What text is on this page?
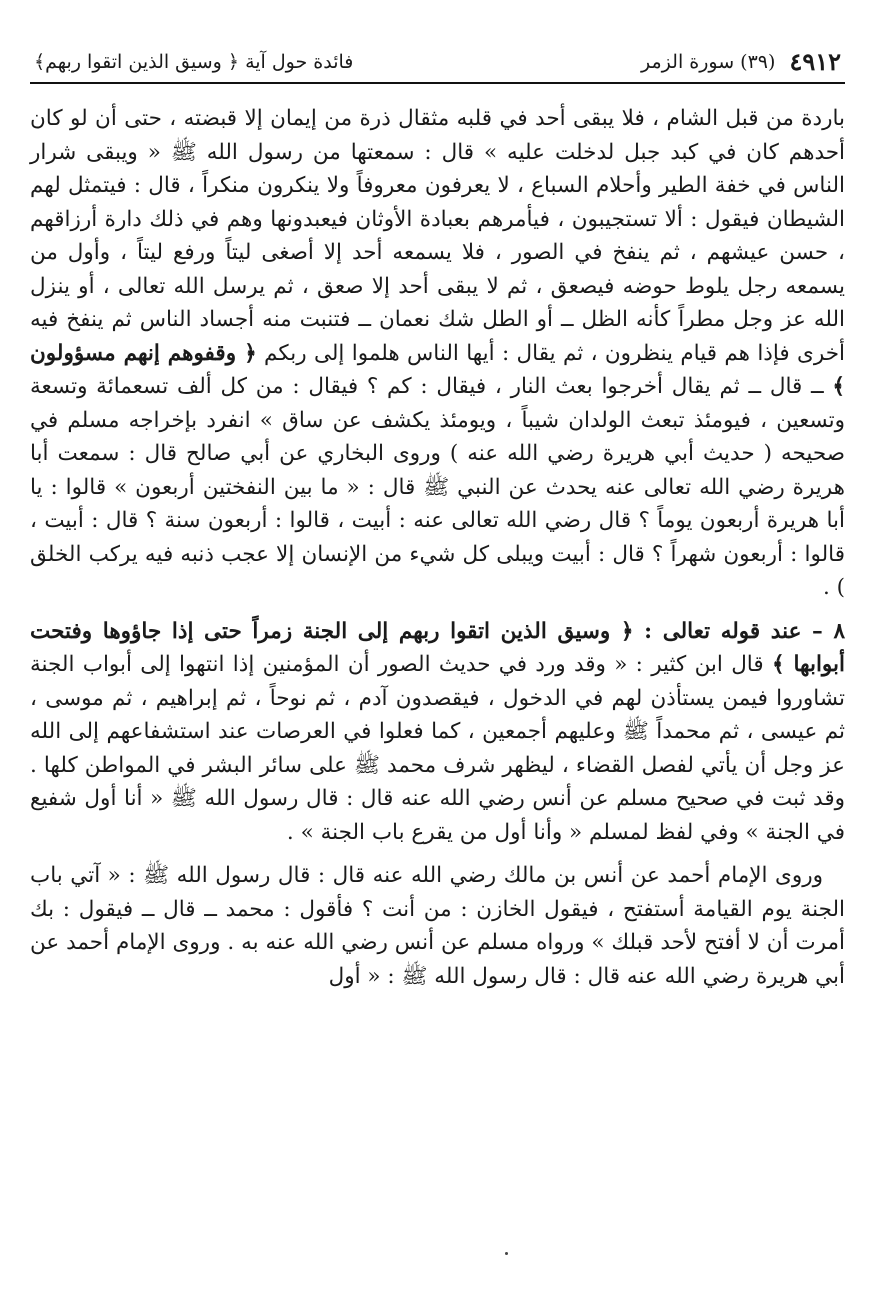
٤٩١٢
(٣٩) سورة الزمر
فائدة حول آية ﴿ وسيق الذين اتقوا ربهم﴾

باردة من قبل الشام ، فلا يبقى أحد في قلبه مثقال ذرة من إيمان إلا قبضته ، حتى أن لو كان أحدهم كان في كبد جبل لدخلت عليه » قال : سمعتها من رسول الله ﷺ « ويبقى شرار الناس في خفة الطير وأحلام السباع ، لا يعرفون معروفاً ولا ينكرون منكراً ، قال : فيتمثل لهم الشيطان فيقول : ألا تستجيبون ، فيأمرهم بعبادة الأوثان فيعبدونها وهم في ذلك دارة أرزاقهم ، حسن عيشهم ، ثم ينفخ في الصور ، فلا يسمعه أحد إلا أصغى ليتاً ورفع ليتاً ، وأول من يسمعه رجل يلوط حوضه فيصعق ، ثم لا يبقى أحد إلا صعق ، ثم يرسل الله تعالى ، أو ينزل الله عز وجل مطراً كأنه الظل ــ أو الطل شك نعمان ــ فتنبت منه أجساد الناس ثم ينفخ فيه أخرى فإذا هم قيام ينظرون ، ثم يقال : أيها الناس هلموا إلى ربكم ﴿ وقفوهم إنهم مسؤولون ﴾ ــ قال ــ ثم يقال أخرجوا بعث النار ، فيقال : كم ؟ فيقال : من كل ألف تسعمائة وتسعة وتسعين ، فيومئذ تبعث الولدان شيباً ، ويومئذ يكشف عن ساق » انفرد بإخراجه مسلم في صحيحه ( حديث أبي هريرة رضي الله عنه ) وروى البخاري عن أبي صالح قال : سمعت أبا هريرة رضي الله تعالى عنه يحدث عن النبي ﷺ قال : « ما بين النفختين أربعون » قالوا : يا أبا هريرة أربعون يوماً ؟ قال رضي الله تعالى عنه : أبيت ، قالوا : أربعون سنة ؟ قال : أبيت ، قالوا : أربعون شهراً ؟ قال : أبيت ويبلى كل شيء من الإنسان إلا عجب ذنبه فيه يركب الخلق ) .

٨ – عند قوله تعالى : ﴿ وسيق الذين اتقوا ربهم إلى الجنة زمراً حتى إذا جاؤوها وفتحت أبوابها ﴾ قال ابن كثير : « وقد ورد في حديث الصور أن المؤمنين إذا انتهوا إلى أبواب الجنة تشاوروا فيمن يستأذن لهم في الدخول ، فيقصدون آدم ، ثم نوحاً ، ثم إبراهيم ، ثم موسى ، ثم عيسى ، ثم محمداً ﷺ وعليهم أجمعين ، كما فعلوا في العرصات عند استشفاعهم إلى الله عز وجل أن يأتي لفصل القضاء ، ليظهر شرف محمد ﷺ على سائر البشر في المواطن كلها . وقد ثبت في صحيح مسلم عن أنس رضي الله عنه قال : قال رسول الله ﷺ « أنا أول شفيع في الجنة » وفي لفظ لمسلم « وأنا أول من يقرع باب الجنة » .

وروى الإمام أحمد عن أنس بن مالك رضي الله عنه قال : قال رسول الله ﷺ : « آتي باب الجنة يوم القيامة أستفتح ، فيقول الخازن : من أنت ؟ فأقول : محمد ــ قال ــ فيقول : بك أمرت أن لا أفتح لأحد قبلك » ورواه مسلم عن أنس رضي الله عنه به . وروى الإمام أحمد عن أبي هريرة رضي الله عنه قال : قال رسول الله ﷺ : « أول
